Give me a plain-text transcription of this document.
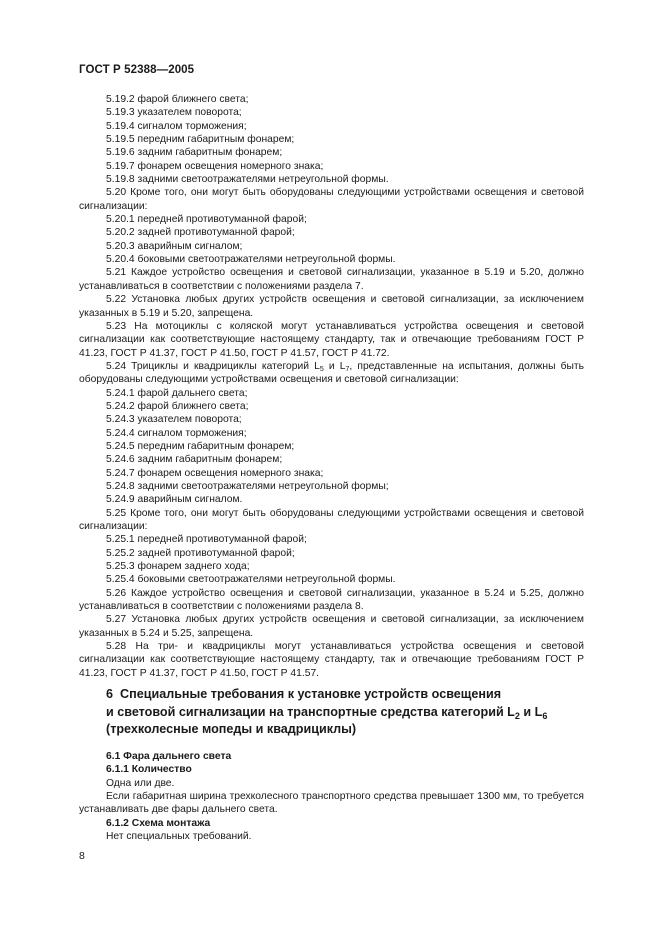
ГОСТ Р 52388—2005
5.19.2 фарой ближнего света;
5.19.3 указателем поворота;
5.19.4 сигналом торможения;
5.19.5 передним габаритным фонарем;
5.19.6 задним габаритным фонарем;
5.19.7 фонарем освещения номерного знака;
5.19.8 задними светоотражателями нетреугольной формы.

5.20 Кроме того, они могут быть оборудованы следующими устройствами освещения и световой сигнализации:

5.20.1 передней противотуманной фарой;
5.20.2 задней противотуманной фарой;
5.20.3 аварийным сигналом;
5.20.4 боковыми светоотражателями нетреугольной формы.

5.21 Каждое устройство освещения и световой сигнализации, указанное в 5.19 и 5.20, должно устанавливаться в соответствии с положениями раздела 7.

5.22 Установка любых других устройств освещения и световой сигнализации, за исключением указанных в 5.19 и 5.20, запрещена.

5.23 На мотоциклы с коляской могут устанавливаться устройства освещения и световой сигнализации как соответствующие настоящему стандарту, так и отвечающие требованиям ГОСТ Р 41.23, ГОСТ Р 41.37, ГОСТ Р 41.50, ГОСТ Р 41.57, ГОСТ Р 41.72.

5.24 Трициклы и квадрициклы категорий $L_5$ и $L_7$, представленные на испытания, должны быть оборудованы следующими устройствами освещения и световой сигнализации:

5.24.1 фарой дальнего света;
5.24.2 фарой ближнего света;
5.24.3 указателем поворота;
5.24.4 сигналом торможения;
5.24.5 передним габаритным фонарем;
5.24.6 задним габаритным фонарем;
5.24.7 фонарем освещения номерного знака;
5.24.8 задними светоотражателями нетреугольной формы;
5.24.9 аварийным сигналом.

5.25 Кроме того, они могут быть оборудованы следующими устройствами освещения и световой сигнализации:

5.25.1 передней противотуманной фарой;
5.25.2 задней противотуманной фарой;
5.25.3 фонарем заднего хода;
5.25.4 боковыми светоотражателями нетреугольной формы.

5.26 Каждое устройство освещения и световой сигнализации, указанное в 5.24 и 5.25, должно устанавливаться в соответствии с положениями раздела 8.

5.27 Установка любых других устройств освещения и световой сигнализации, за исключением указанных в 5.24 и 5.25, запрещена.

5.28 На три- и квадрициклы могут устанавливаться устройства освещения и световой сигнализации как соответствующие настоящему стандарту, так и отвечающие требованиям ГОСТ Р 41.23, ГОСТ Р 41.37, ГОСТ Р 41.50, ГОСТ Р 41.57.

6 Специальные требования к установке устройств освещения
и световой сигнализации на транспортные средства категорий $L_2$ и $L_6$
(трехколесные мопеды и квадрициклы)
6.1 Фара дальнего света
6.1.1 Количество
Одна или две.

Если габаритная ширина трехколесного транспортного средства превышает 1300 мм, то требуется устанавливать две фары дальнего света.

6.1.2 Схема монтажа
Нет специальных требований.
8
